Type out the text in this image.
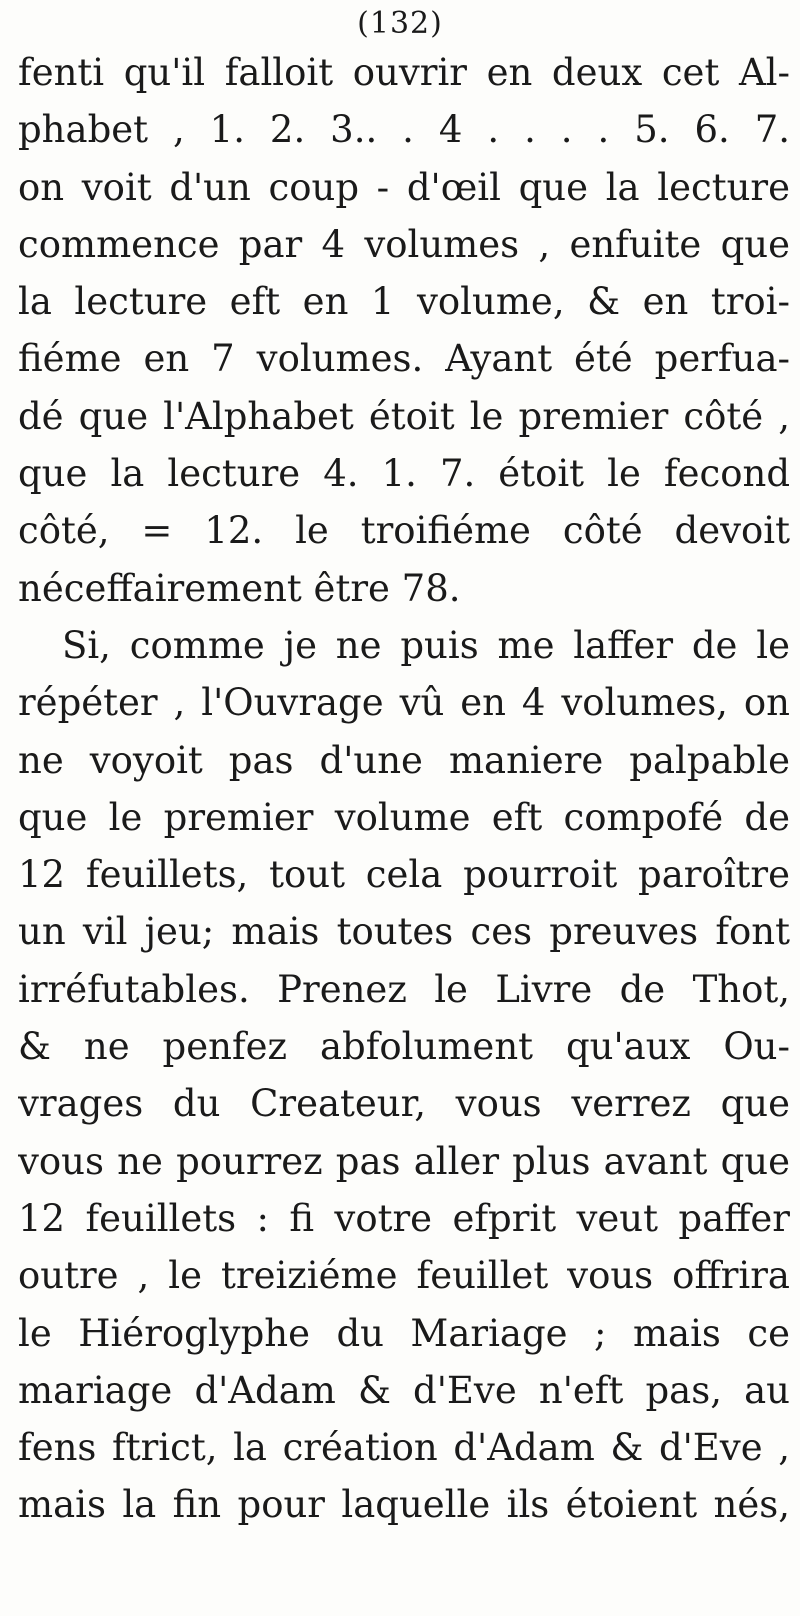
(132)
fenti qu'il falloit ouvrir en deux cet Al-
phabet , 1. 2. 3.. . 4 . . . . 5. 6. 7.
on voit d'un coup - d'œil que la lecture
commence par 4 volumes , enfuite que
la lecture eft en 1 volume, & en troi-
fiéme en 7 volumes. Ayant été perfua-
dé que l'Alphabet étoit le premier côté ,
que la lecture 4. 1. 7. étoit le fecond
côté, = 12. le troifiéme côté devoit
néceffairement être 78.
Si, comme je ne puis me laffer de le
répéter , l'Ouvrage vû en 4 volumes, on
ne voyoit pas d'une maniere palpable
que le premier volume eft compofé de
12 feuillets, tout cela pourroit paroître
un vil jeu; mais toutes ces preuves font
irréfutables. Prenez le Livre de Thot,
& ne penfez abfolument qu'aux Ou-
vrages du Createur, vous verrez que
vous ne pourrez pas aller plus avant que
12 feuillets : fi votre efprit veut paffer
outre , le treiziéme feuillet vous offrira
le Hiéroglyphe du Mariage ; mais ce
mariage d'Adam & d'Eve n'eft pas, au
fens ftrict, la création d'Adam & d'Eve ,
mais la fin pour laquelle ils étoient nés,
